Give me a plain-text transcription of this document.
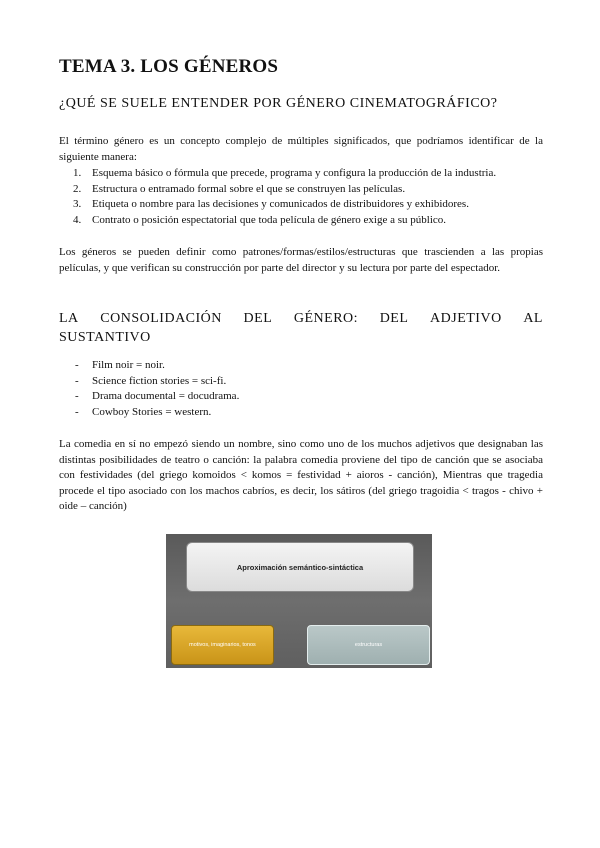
TEMA 3. LOS GÉNEROS
¿QUÉ SE SUELE ENTENDER POR GÉNERO CINEMATOGRÁFICO?

El término género es un concepto complejo de múltiples significados, que podríamos identificar de la siguiente manera:

1. Esquema básico o fórmula que precede, programa y configura la producción de la industria.
2. Estructura o entramado formal sobre el que se construyen las películas.
3. Etiqueta o nombre para las decisiones y comunicados de distribuidores y exhibidores.
4. Contrato o posición espectatorial que toda película de género exige a su público.

Los géneros se pueden definir como patrones/formas/estilos/estructuras que trascienden a las propias películas, y que verifican su construcción por parte del director y su lectura por parte del espectador.

LA CONSOLIDACIÓN DEL GÉNERO: DEL ADJETIVO AL
SUSTANTIVO
- Film noir = noir.
- Science fiction stories = sci-fi.
- Drama documental = docudrama.
- Cowboy Stories = western.

La comedia en sí no empezó siendo un nombre, sino como uno de los muchos adjetivos que designaban las distintas posibilidades de teatro o canción: la palabra comedia proviene del tipo de canción que se asociaba con festividades (del griego komoidos < komos = festividad + aioros - canción), Mientras que tragedia procede el tipo asociado con los machos cabríos, es decir, los sátiros (del griego tragoidia < tragos - chivo + oide – canción)

Aproximación semántico-sintáctica
motivos, imaginarios, tonos	estructuras
